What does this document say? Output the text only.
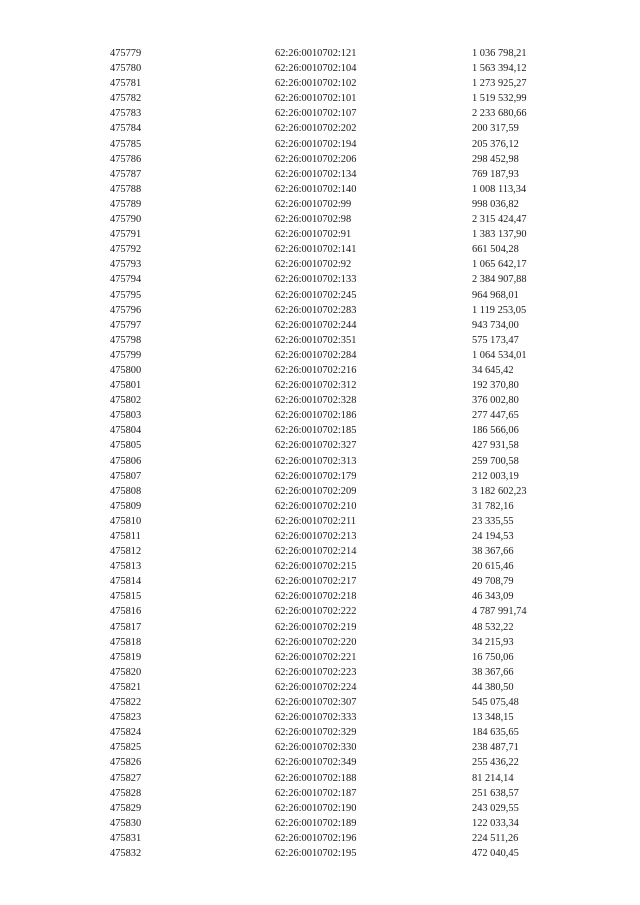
475779	62:26:0010702:121	1 036 798,21
475780	62:26:0010702:104	1 563 394,12
475781	62:26:0010702:102	1 273 925,27
475782	62:26:0010702:101	1 519 532,99
475783	62:26:0010702:107	2 233 680,66
475784	62:26:0010702:202	200 317,59
475785	62:26:0010702:194	205 376,12
475786	62:26:0010702:206	298 452,98
475787	62:26:0010702:134	769 187,93
475788	62:26:0010702:140	1 008 113,34
475789	62:26:0010702:99	998 036,82
475790	62:26:0010702:98	2 315 424,47
475791	62:26:0010702:91	1 383 137,90
475792	62:26:0010702:141	661 504,28
475793	62:26:0010702:92	1 065 642,17
475794	62:26:0010702:133	2 384 907,88
475795	62:26:0010702:245	964 968,01
475796	62:26:0010702:283	1 119 253,05
475797	62:26:0010702:244	943 734,00
475798	62:26:0010702:351	575 173,47
475799	62:26:0010702:284	1 064 534,01
475800	62:26:0010702:216	34 645,42
475801	62:26:0010702:312	192 370,80
475802	62:26:0010702:328	376 002,80
475803	62:26:0010702:186	277 447,65
475804	62:26:0010702:185	186 566,06
475805	62:26:0010702:327	427 931,58
475806	62:26:0010702:313	259 700,58
475807	62:26:0010702:179	212 003,19
475808	62:26:0010702:209	3 182 602,23
475809	62:26:0010702:210	31 782,16
475810	62:26:0010702:211	23 335,55
475811	62:26:0010702:213	24 194,53
475812	62:26:0010702:214	38 367,66
475813	62:26:0010702:215	20 615,46
475814	62:26:0010702:217	49 708,79
475815	62:26:0010702:218	46 343,09
475816	62:26:0010702:222	4 787 991,74
475817	62:26:0010702:219	48 532,22
475818	62:26:0010702:220	34 215,93
475819	62:26:0010702:221	16 750,06
475820	62:26:0010702:223	38 367,66
475821	62:26:0010702:224	44 380,50
475822	62:26:0010702:307	545 075,48
475823	62:26:0010702:333	13 348,15
475824	62:26:0010702:329	184 635,65
475825	62:26:0010702:330	238 487,71
475826	62:26:0010702:349	255 436,22
475827	62:26:0010702:188	81 214,14
475828	62:26:0010702:187	251 638,57
475829	62:26:0010702:190	243 029,55
475830	62:26:0010702:189	122 033,34
475831	62:26:0010702:196	224 511,26
475832	62:26:0010702:195	472 040,45
